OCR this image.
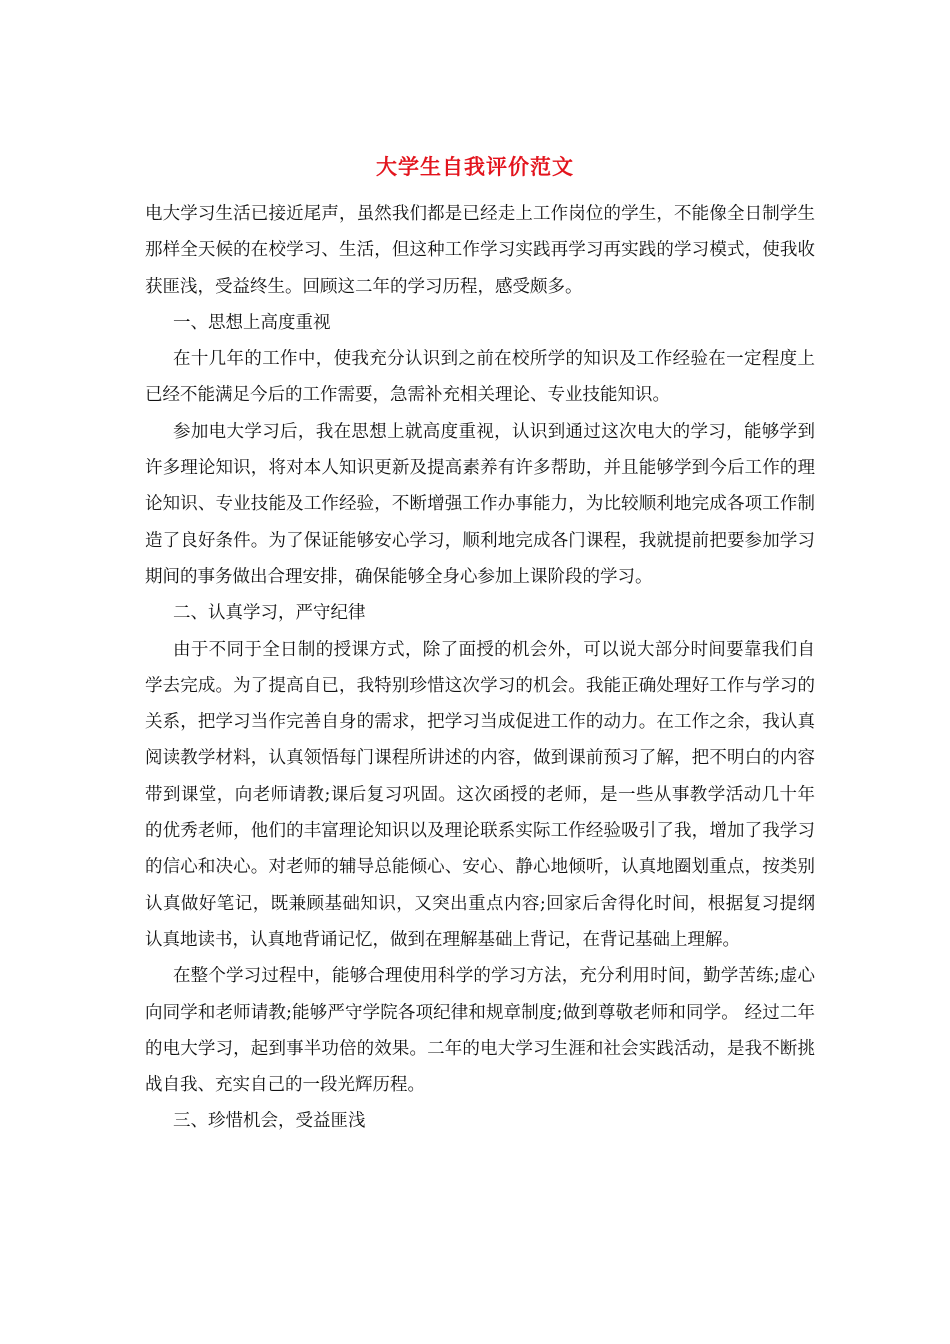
大学生自我评价范文

电大学习生活已接近尾声，虽然我们都是已经走上工作岗位的学生，不能像全日制学生那样全天候的在校学习、生活，但这种工作学习实践再学习再实践的学习模式，使我收获匪浅，受益终生。回顾这二年的学习历程，感受颇多。

一、思想上高度重视

在十几年的工作中，使我充分认识到之前在校所学的知识及工作经验在一定程度上已经不能满足今后的工作需要，急需补充相关理论、专业技能知识。

参加电大学习后，我在思想上就高度重视，认识到通过这次电大的学习，能够学到许多理论知识，将对本人知识更新及提高素养有许多帮助，并且能够学到今后工作的理论知识、专业技能及工作经验，不断增强工作办事能力，为比较顺利地完成各项工作制造了良好条件。为了保证能够安心学习，顺利地完成各门课程，我就提前把要参加学习期间的事务做出合理安排，确保能够全身心参加上课阶段的学习。

二、认真学习，严守纪律

由于不同于全日制的授课方式，除了面授的机会外，可以说大部分时间要靠我们自学去完成。为了提高自已，我特别珍惜这次学习的机会。我能正确处理好工作与学习的关系，把学习当作完善自身的需求，把学习当成促进工作的动力。在工作之余，我认真阅读教学材料，认真领悟每门课程所讲述的内容，做到课前预习了解，把不明白的内容带到课堂，向老师请教;课后复习巩固。这次函授的老师，是一些从事教学活动几十年的优秀老师，他们的丰富理论知识以及理论联系实际工作经验吸引了我，增加了我学习的信心和决心。对老师的辅导总能倾心、安心、静心地倾听，认真地圈划重点，按类别认真做好笔记，既兼顾基础知识，又突出重点内容;回家后舍得化时间，根据复习提纲认真地读书，认真地背诵记忆，做到在理解基础上背记，在背记基础上理解。

在整个学习过程中，能够合理使用科学的学习方法，充分利用时间，勤学苦练;虚心向同学和老师请教;能够严守学院各项纪律和规章制度;做到尊敬老师和同学。 经过二年的电大学习，起到事半功倍的效果。二年的电大学习生涯和社会实践活动，是我不断挑战自我、充实自己的一段光辉历程。

三、珍惜机会，受益匪浅
